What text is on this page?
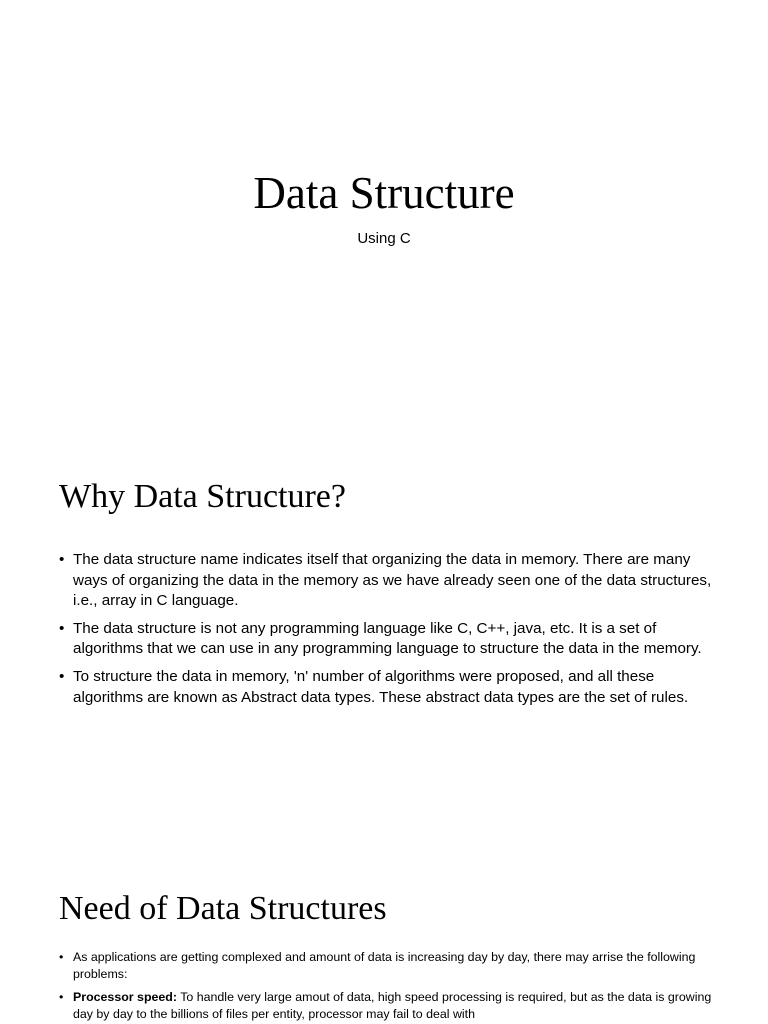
Data Structure

Using C

Why Data Structure?
• The data structure name indicates itself that organizing the data in memory. There are many ways of organizing the data in the memory as we have already seen one of the data structures, i.e., array in C language.
• The data structure is not any programming language like C, C++, java, etc. It is a set of algorithms that we can use in any programming language to structure the data in the memory.
• To structure the data in memory, 'n' number of algorithms were proposed, and all these algorithms are known as Abstract data types. These abstract data types are the set of rules.
Need of Data Structures
• As applications are getting complexed and amount of data is increasing day by day, there may arrise the following problems:
• Processor speed: To handle very large amout of data, high speed processing is required, but as the data is growing day by day to the billions of files per entity, processor may fail to deal with
